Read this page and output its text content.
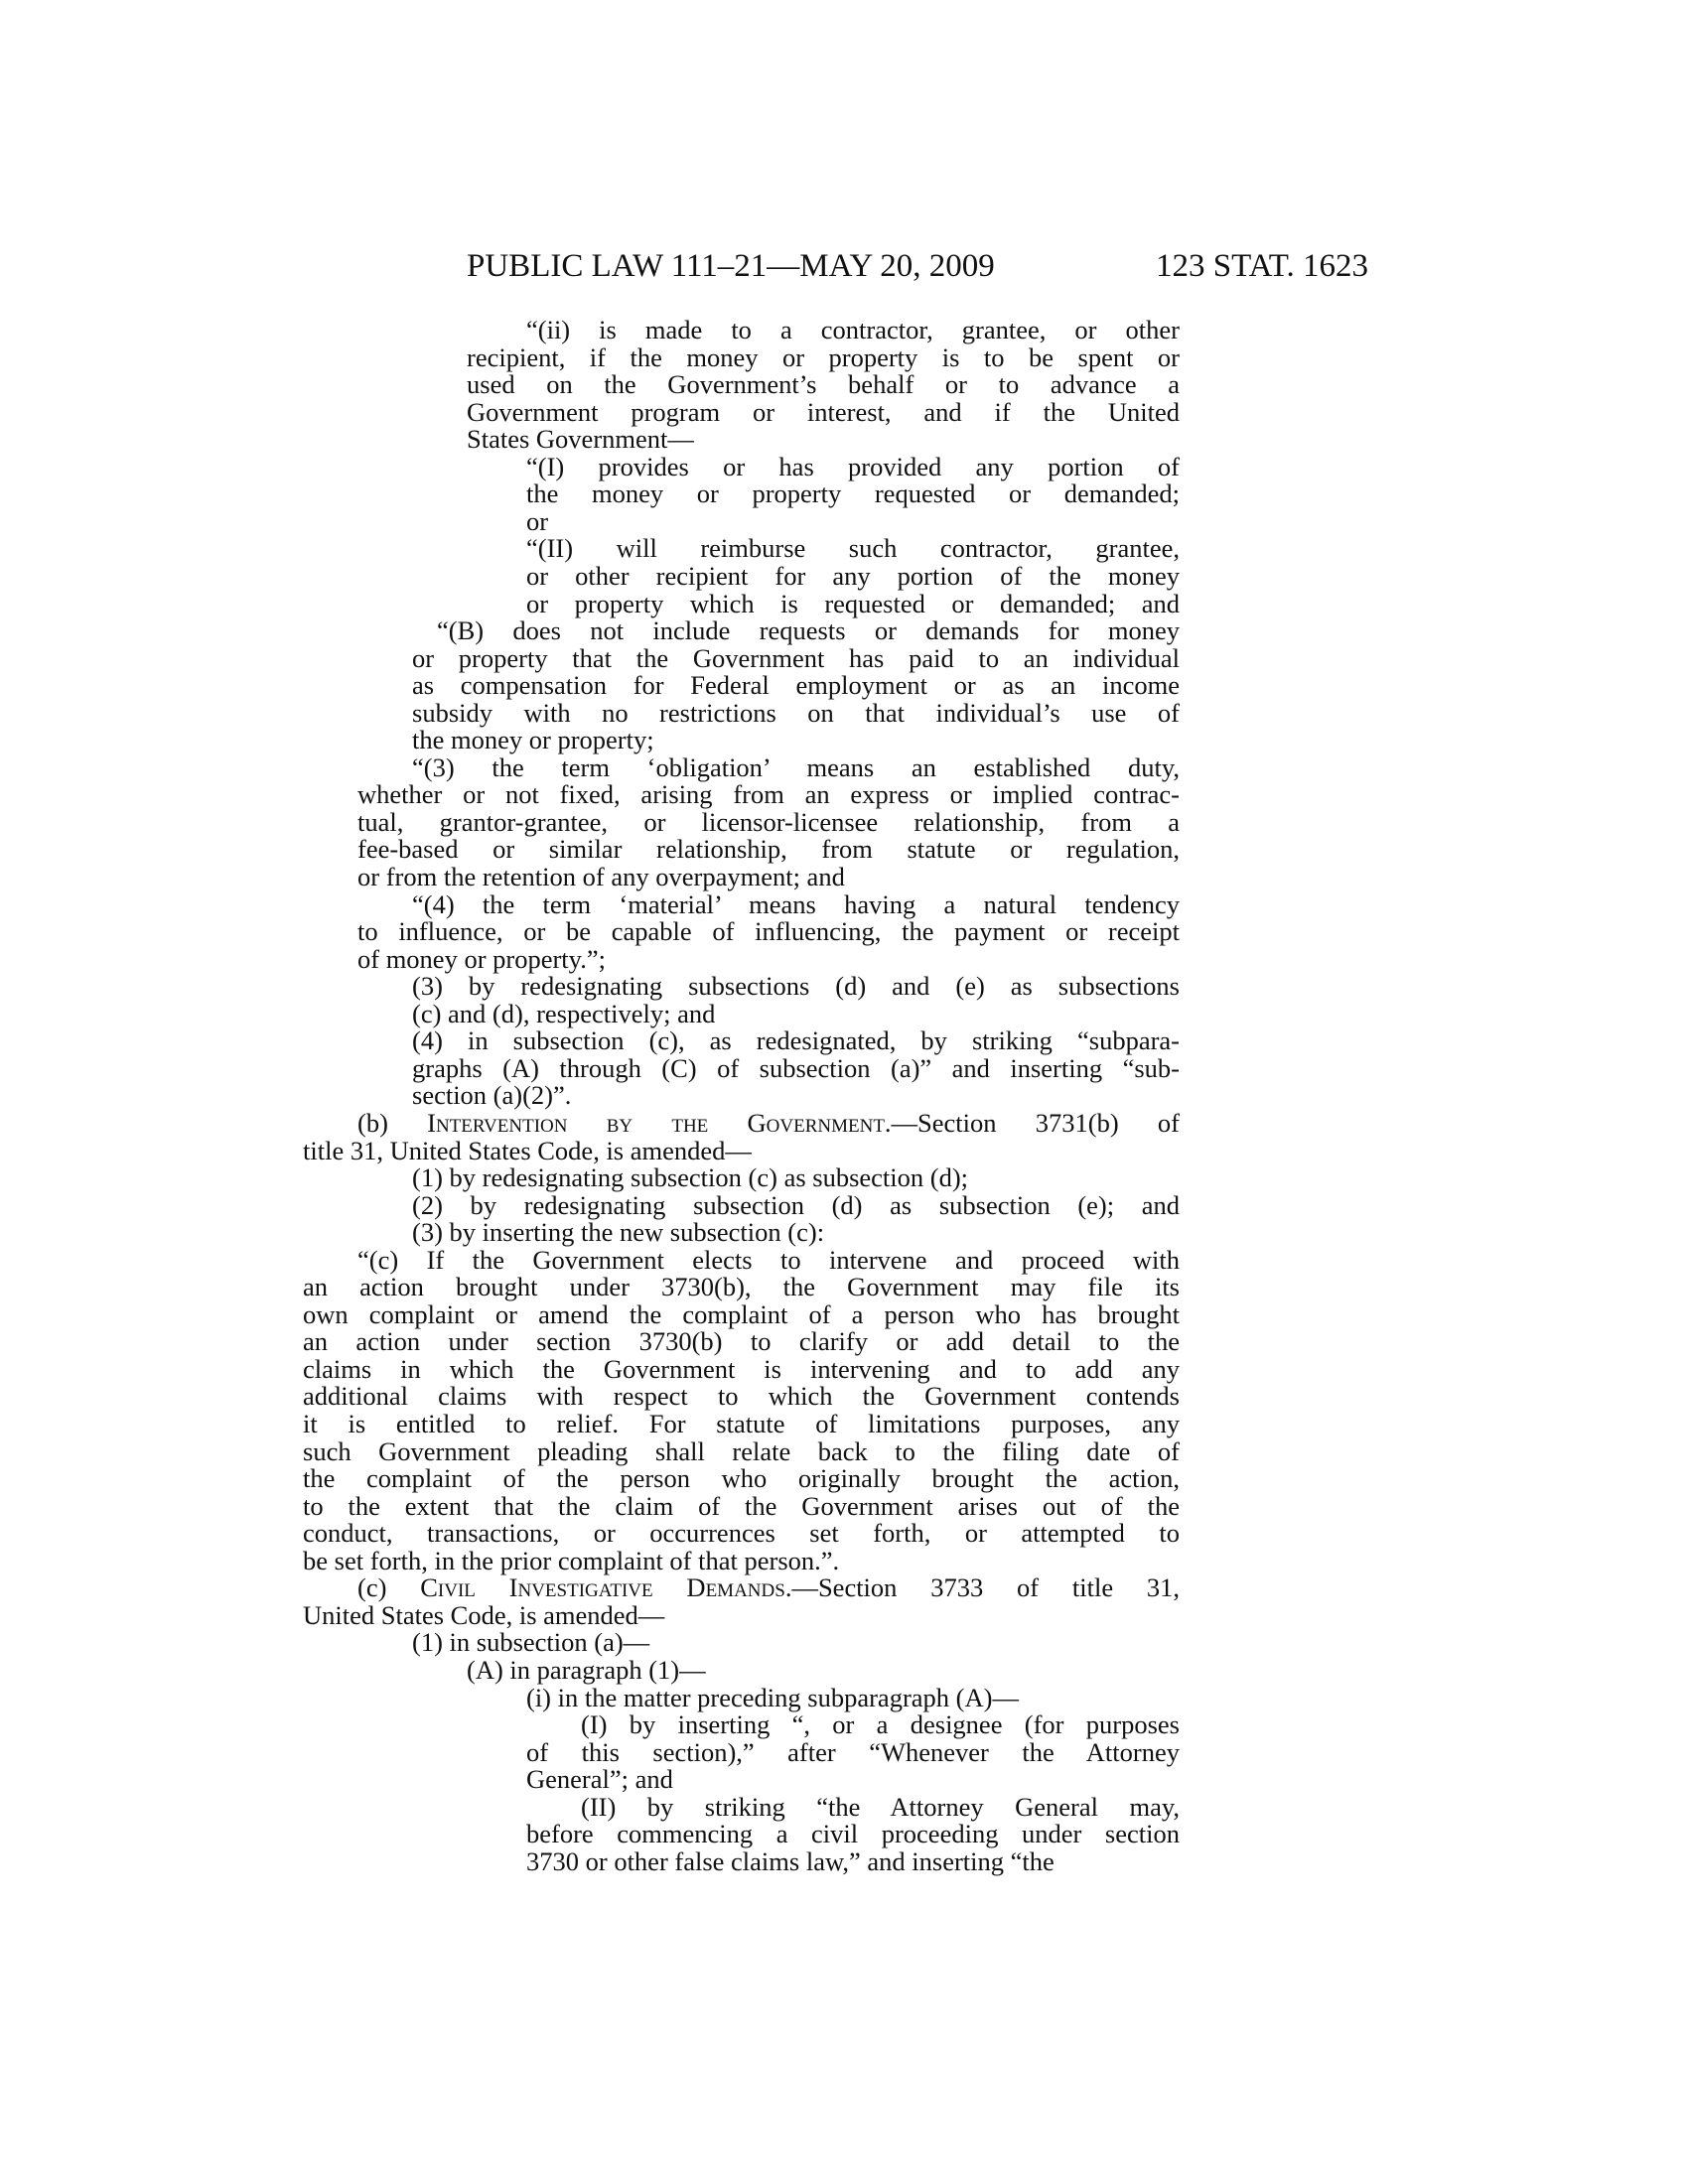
PUBLIC LAW 111–21—MAY 20, 2009	123 STAT. 1623
“(ii) is made to a contractor, grantee, or other
recipient, if the money or property is to be spent or
used on the Government’s behalf or to advance a
Government program or interest, and if the United
States Government—
“(I) provides or has provided any portion of
the money or property requested or demanded;
or
“(II) will reimburse such contractor, grantee,
or other recipient for any portion of the money
or property which is requested or demanded; and
“(B) does not include requests or demands for money
or property that the Government has paid to an individual
as compensation for Federal employment or as an income
subsidy with no restrictions on that individual’s use of
the money or property;
“(3) the term ‘obligation’ means an established duty,
whether or not fixed, arising from an express or implied contrac-
tual, grantor-grantee, or licensor-licensee relationship, from a
fee-based or similar relationship, from statute or regulation,
or from the retention of any overpayment; and
“(4) the term ‘material’ means having a natural tendency
to influence, or be capable of influencing, the payment or receipt
of money or property.”;
(3) by redesignating subsections (d) and (e) as subsections
(c) and (d), respectively; and
(4) in subsection (c), as redesignated, by striking “subpara-
graphs (A) through (C) of subsection (a)” and inserting “sub-
section (a)(2)”.
(b) Intervention by the Government.—Section 3731(b) of
title 31, United States Code, is amended—
(1) by redesignating subsection (c) as subsection (d);
(2) by redesignating subsection (d) as subsection (e); and
(3) by inserting the new subsection (c):
“(c) If the Government elects to intervene and proceed with
an action brought under 3730(b), the Government may file its
own complaint or amend the complaint of a person who has brought
an action under section 3730(b) to clarify or add detail to the
claims in which the Government is intervening and to add any
additional claims with respect to which the Government contends
it is entitled to relief. For statute of limitations purposes, any
such Government pleading shall relate back to the filing date of
the complaint of the person who originally brought the action,
to the extent that the claim of the Government arises out of the
conduct, transactions, or occurrences set forth, or attempted to
be set forth, in the prior complaint of that person.”.
(c) Civil Investigative Demands.—Section 3733 of title 31,
United States Code, is amended—
(1) in subsection (a)—
(A) in paragraph (1)—
(i) in the matter preceding subparagraph (A)—
(I) by inserting “, or a designee (for purposes
of this section),” after “Whenever the Attorney
General”; and
(II) by striking “the Attorney General may,
before commencing a civil proceeding under section
3730 or other false claims law,” and inserting “the
